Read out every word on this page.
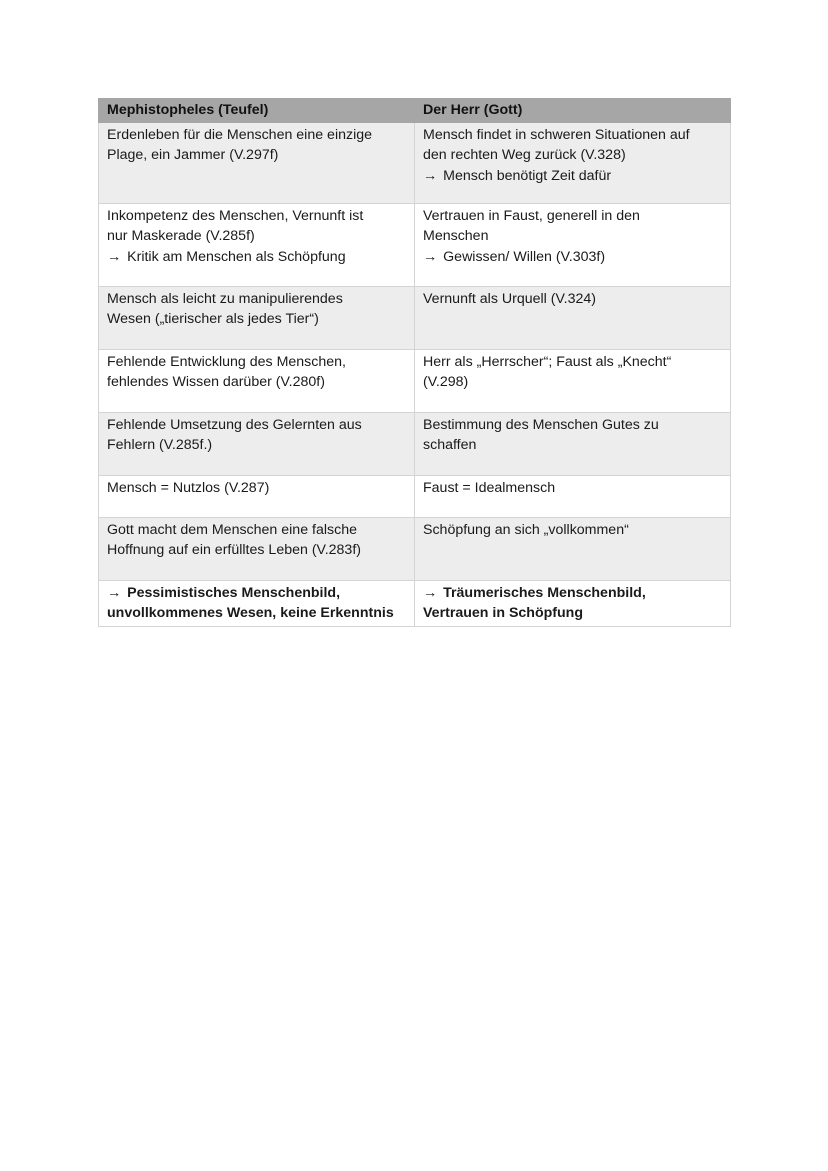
Mephistopheles (Teufel)	Der Herr (Gott)

Erdenleben für die Menschen eine einzige
Plage, ein Jammer (V.297f)	Mensch findet in schweren Situationen auf
den rechten Weg zurück (V.328)
→ Mensch benötigt Zeit dafür

Inkompetenz des Menschen, Vernunft ist
nur Maskerade (V.285f)
→ Kritik am Menschen als Schöpfung	Vertrauen in Faust, generell in den
Menschen
→ Gewissen/ Willen (V.303f)

Mensch als leicht zu manipulierendes
Wesen („tierischer als jedes Tier“)	Vernunft als Urquell (V.324)

Fehlende Entwicklung des Menschen,
fehlendes Wissen darüber (V.280f)	Herr als „Herrscher“; Faust als „Knecht“
(V.298)

Fehlende Umsetzung des Gelernten aus
Fehlern (V.285f.)	Bestimmung des Menschen Gutes zu
schaffen

Mensch = Nutzlos (V.287)	Faust = Idealmensch

Gott macht dem Menschen eine falsche
Hoffnung auf ein erfülltes Leben (V.283f)	Schöpfung an sich „vollkommen“

→ Pessimistisches Menschenbild,
unvollkommenes Wesen, keine Erkenntnis	→ Träumerisches Menschenbild,
Vertrauen in Schöpfung
